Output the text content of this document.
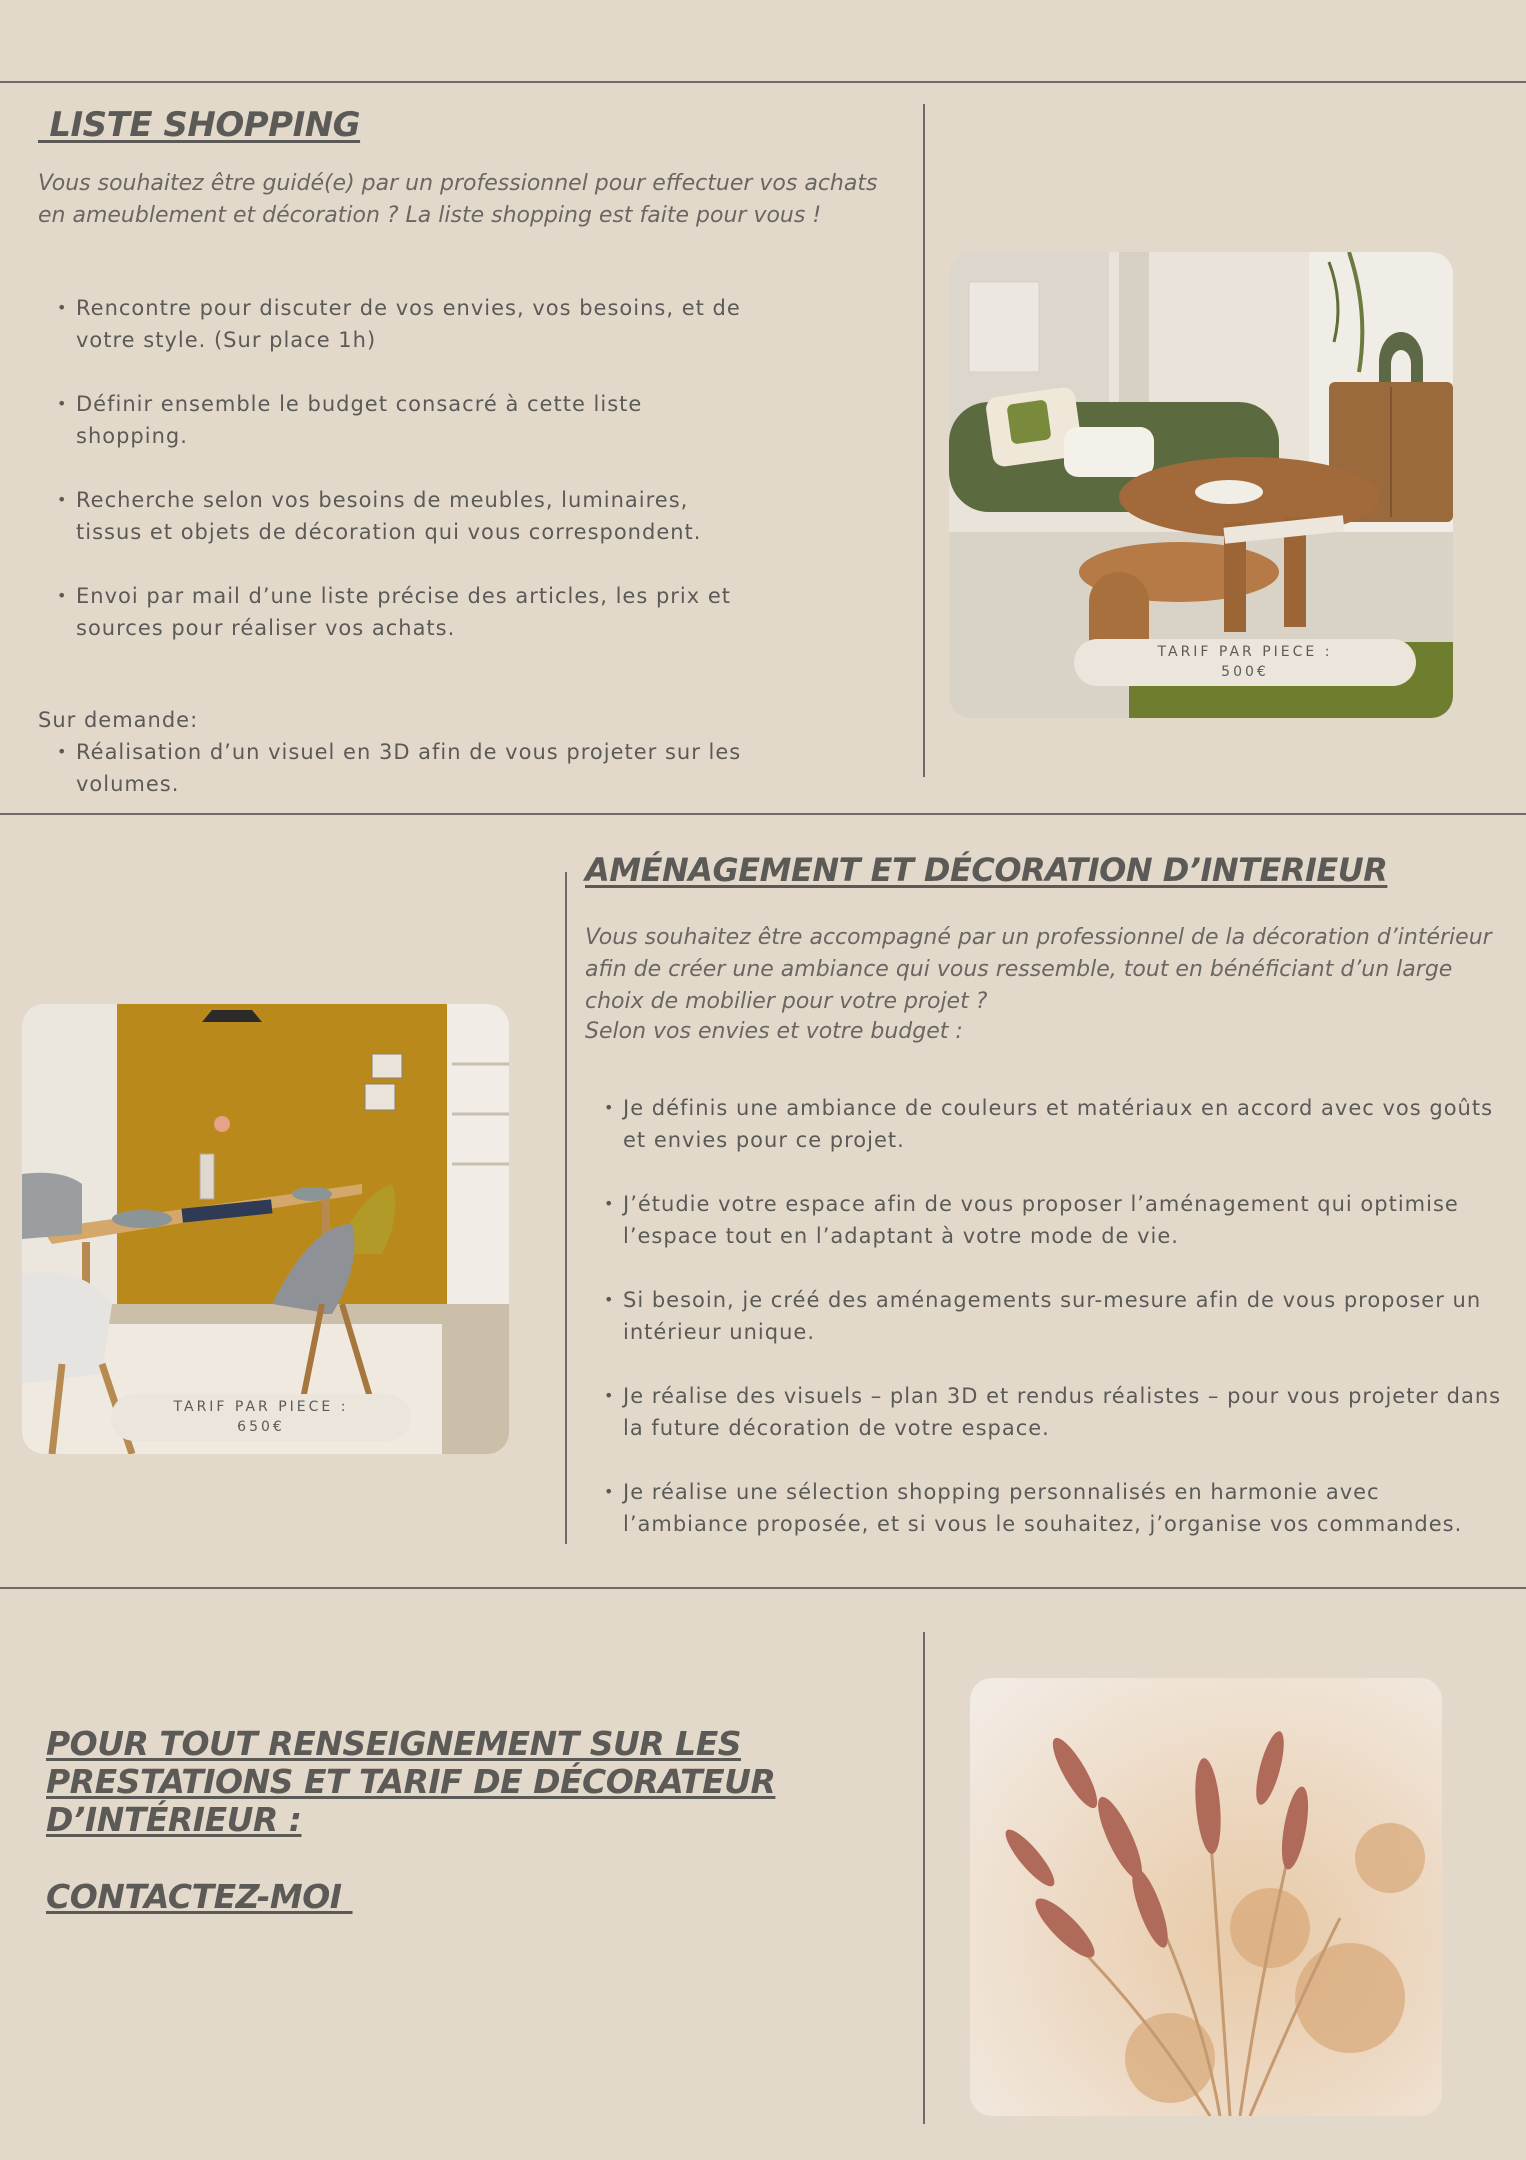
LISTE SHOPPING

Vous souhaitez être guidé(e) par un professionnel pour effectuer vos achats en ameublement et décoration ? La liste shopping est faite pour vous !

• Rencontre pour discuter de vos envies, vos besoins, et de votre style. (Sur place 1h)
• Définir ensemble le budget consacré à cette liste shopping.
• Recherche selon vos besoins de meubles, luminaires, tissus et objets de décoration qui vous correspondent.
• Envoi par mail d’une liste précise des articles, les prix et sources pour réaliser vos achats.

Sur demande:

• Réalisation d’un visuel en 3D afin de vous projeter sur les volumes.
TARIF PAR PIECE :
500€
AMÉNAGEMENT ET DÉCORATION D’INTERIEUR

Vous souhaitez être accompagné par un professionnel de la décoration d’intérieur afin de créer une ambiance qui vous ressemble, tout en bénéficiant d’un large choix de mobilier pour votre projet ?

Selon vos envies et votre budget :

• Je définis une ambiance de couleurs et matériaux en accord avec vos goûts et envies pour ce projet.
• J’étudie votre espace afin de vous proposer l’aménagement qui optimise l’espace tout en l’adaptant à votre mode de vie.
• Si besoin, je créé des aménagements sur-mesure afin de vous proposer un intérieur unique.
• Je réalise des visuels – plan 3D et rendus réalistes – pour vous projeter dans la future décoration de votre espace.
• Je réalise une sélection shopping personnalisés en harmonie avec l’ambiance proposée, et si vous le souhaitez, j’organise vos commandes.
TARIF PAR PIECE :
650€
POUR TOUT RENSEIGNEMENT SUR LES
PRESTATIONS ET TARIF DE DÉCORATEUR
D’INTÉRIEUR :
CONTACTEZ-MOI
